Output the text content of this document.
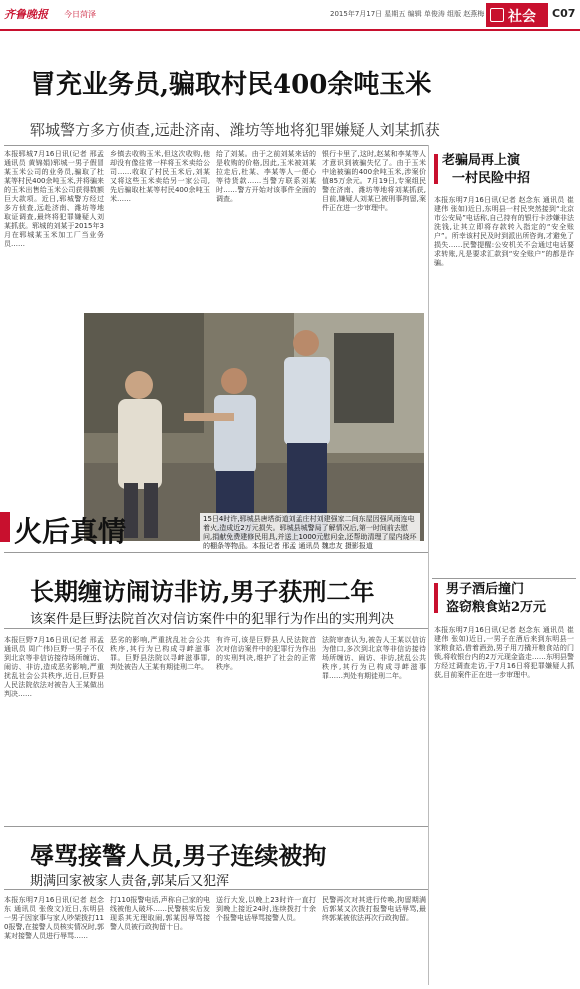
齐鲁晚报 今日菏泽	2015年7月17日 星期五 编辑 单俊涛 组版 赵燕梅 社会 C07
冒充业务员,骗取村民400余吨玉米
郓城警方多方侦查,远赴济南、潍坊等地将犯罪嫌疑人刘某抓获
本报郓城7月16日讯(记者 邢孟 通讯员 黄锦娟)郓城一男子假冒某玉米公司的业务员,骗取了杜某等村民400余吨玉米,并将骗来的玉米出售给玉米公司获得数额巨大款项。近日,郓城警方经过多方侦查,远赴济南、潍坊等地取证调查,最终将犯罪嫌疑人刘某抓获。郓城的刘某于2015年3月在郓城某玉米加工厂当业务员……
乡镇去收购玉米,但这次收购,他却没有像往常一样将玉米卖给公司……收取了村民玉米后,刘某又将这些玉米卖给另一家公司,先后骗取杜某等村民400余吨玉米……
给了刘某。由于之前刘某来话的是收购的价格,因此,玉米被刘某拉走后,杜某、李某等人一便心等待货款……当警方联系刘某时……警方开始对该事件全面的调查。
银行卡里了,这时,赵某和李某等人才意识到被骗失忆了。由于玉米中途被骗的400余吨玉米,涉案价值85万余元。7月19日,专案组民警在济南、潍坊等地将刘某抓获,目前,嫌疑人刘某已被刑事拘留,案件正在进一步审理中。
火后真情	15日4时许,郓城县唐塔街道刘孟庄村刘建强家二间东屋因强风雨连电着火,造成近2万元损失。郓城县城警局了解情况后,第一时间前去慰问,捐献免费建修民用具,并送上1000元慰问金,还帮助清理了屋内烧坏的棚条等物品。本报记者 邢孟 通讯员 魏忠友 摄影报道
长期缠访闹访非访,男子获刑二年
该案件是巨野法院首次对信访案件中的犯罪行为作出的实刑判决
本报巨野7月16日讯(记者 邢孟 通讯员 周广伟)巨野一男子不仅到北京等非信访接待场所缠访、闹访、非访,造成恶劣影响,严重扰乱社会公共秩序,近日,巨野县人民法院依法对被告人王某做出判决……
恶劣的影响,严重扰乱社会公共秩序,其行为已构成寻衅滋事罪。巨野县法院以寻衅滋事罪,判处被告人王某有期徒刑二年。
有许可,该是巨野县人民法院首次对信访案件中的犯罪行为作出的实刑判决,维护了社会的正常秩序。
法院审查认为,被告人王某以信访为借口,多次到北京等非信访接待场所缠访、闹访、非访,扰乱公共秩序,其行为已构成寻衅滋事罪……判处有期徒刑二年。
辱骂接警人员,男子连续被拘
期满回家被家人责备,郭某后又犯浑
本报东明7月16日讯(记者 赵念东 通讯员 张俊文)近日,东明县一男子因家事与家人吵架拨打110报警,在接警人员核实情况时,郭某对接警人员进行辱骂……
打110报警电话,声称自己家的电线被他人破坏……民警核实后发现系其无理取闹,郭某因辱骂接警人员被行政拘留十日。
送行大发,以晚上23时许一直打到晚上接近24时,连续拨打十余个报警电话辱骂接警人员。
民警再次对其进行传唤,拘留期满后郭某又次拨打报警电话辱骂,最终郭某被依法再次行政拘留。
老骗局再上演
一村民险中招
本报东明7月16日讯(记者 赵念东 通讯员 崔建伟 张如)近日,东明县一村民突然接到“北京市公安局”电话称,自己持有的银行卡涉嫌非法洗钱,让其立即将存款转入指定的“安全账户”。所幸该村民及时到派出所咨询,才避免了损失……民警提醒:公安机关不会通过电话要求转账,凡是要求汇款到“安全账户”的都是诈骗。
男子酒后撞门
盗窃粮食站2万元
本报东明7月16日讯(记者 赵念东 通讯员 崔建伟 张如)近日,一男子在酒后来到东明县一家粮食站,借着酒劲,男子用刀撬开粮食站的门锁,将收银台内的2万元现金盗走……东明县警方经过调查走访,于7月16日将犯罪嫌疑人抓获,目前案件正在进一步审理中。
